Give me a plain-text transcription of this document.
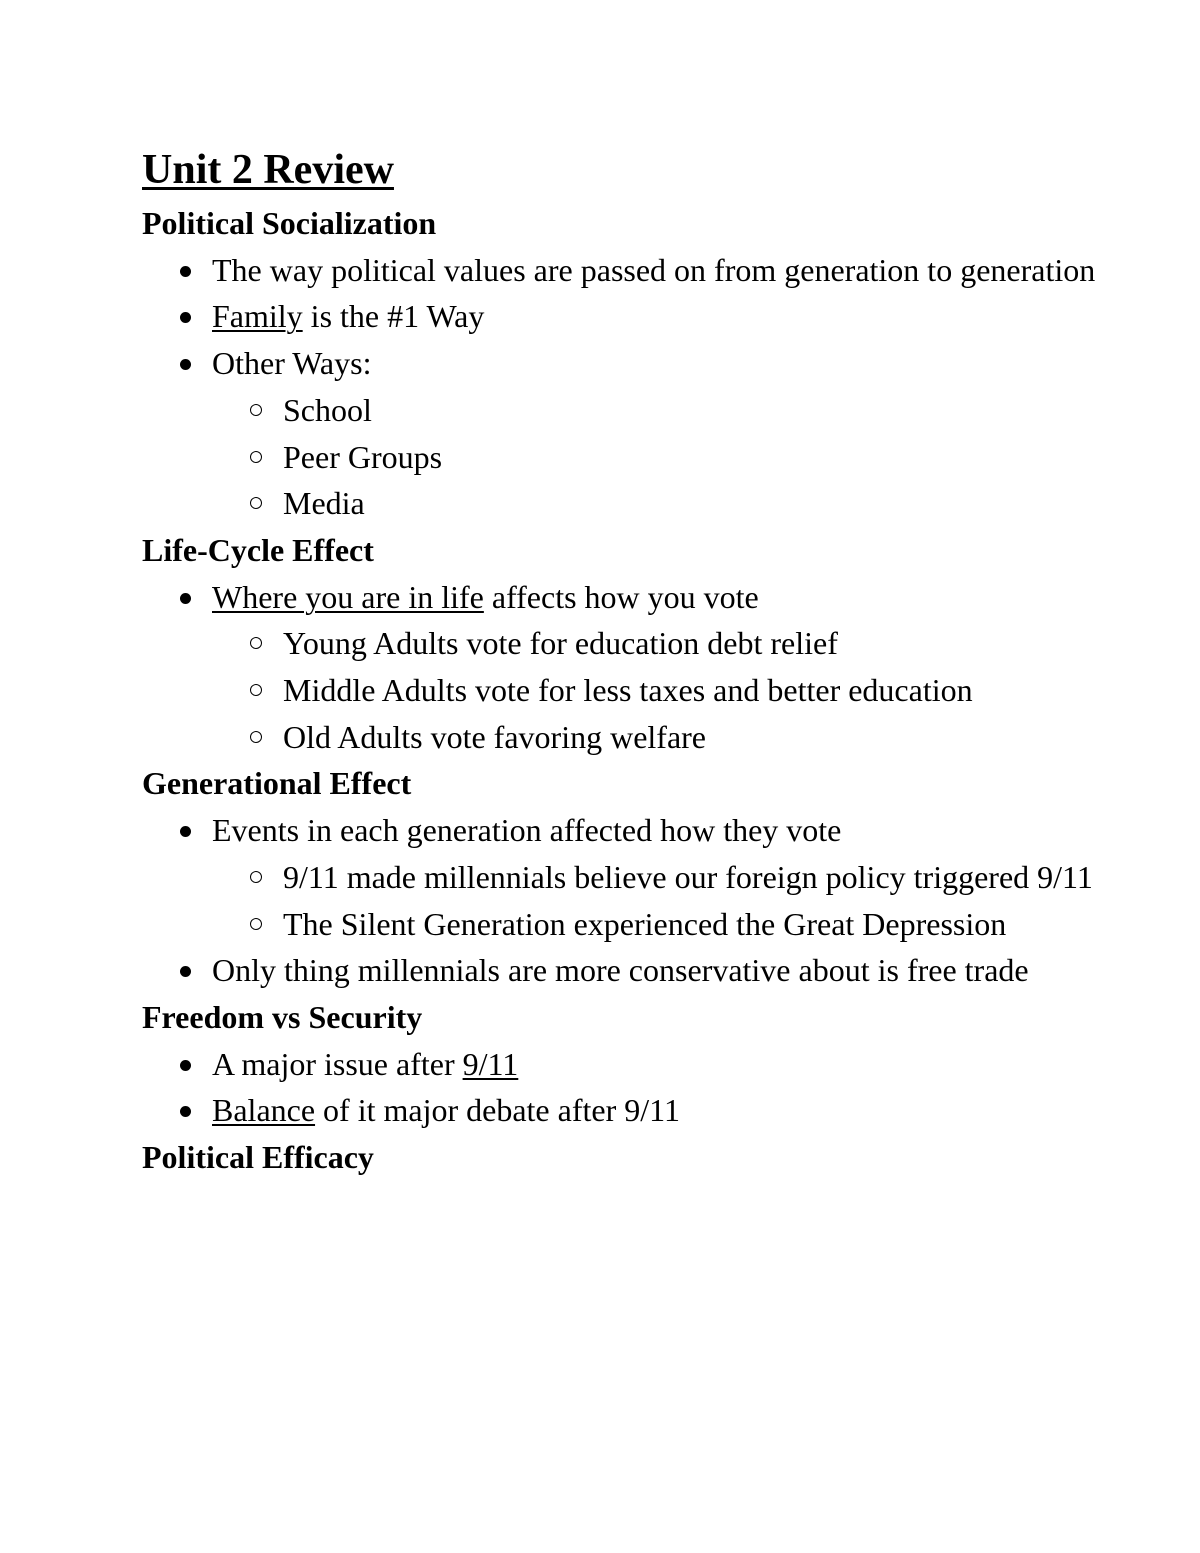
Unit 2 Review
Political Socialization
The way political values are passed on from generation to generation
Family is the #1 Way
Other Ways:
School
Peer Groups
Media
Life-Cycle Effect
Where you are in life affects how you vote
Young Adults vote for education debt relief
Middle Adults vote for less taxes and better education
Old Adults vote favoring welfare
Generational Effect
Events in each generation affected how they vote
9/11 made millennials believe our foreign policy triggered 9/11
The Silent Generation experienced the Great Depression
Only thing millennials are more conservative about is free trade
Freedom vs Security
A major issue after 9/11
Balance of it major debate after 9/11
Political Efficacy
